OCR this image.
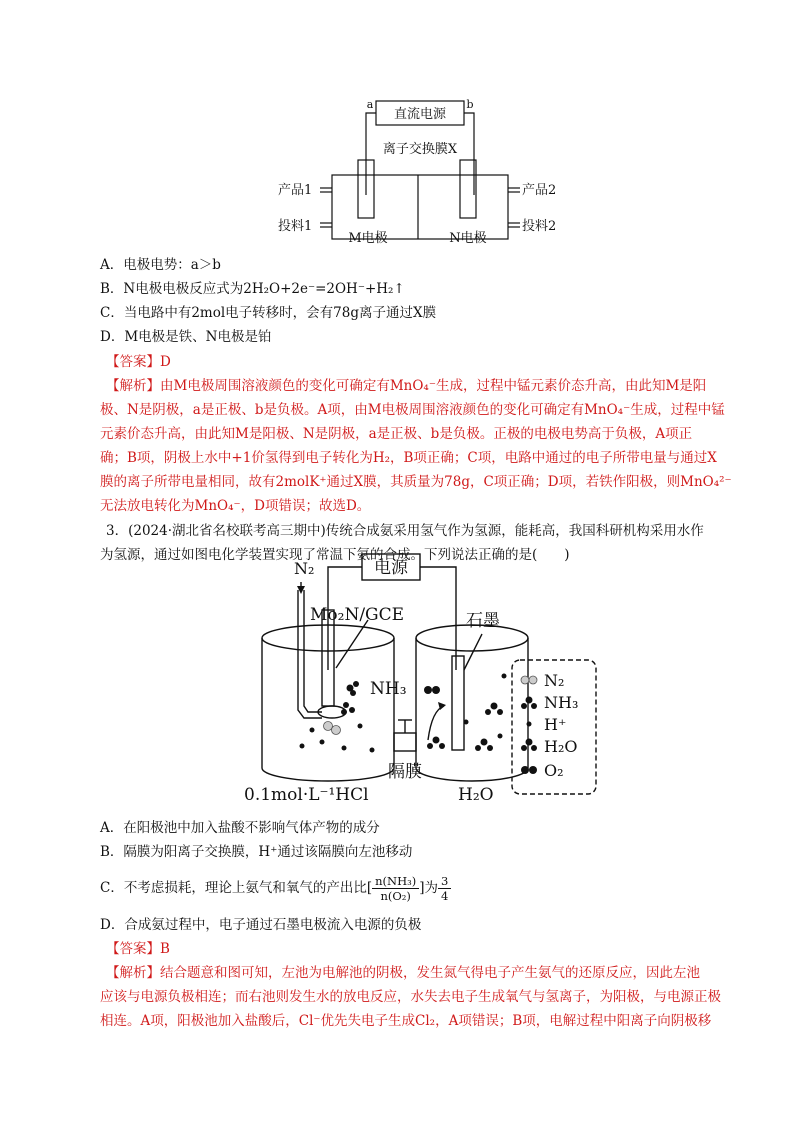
直流电源
a	b
离子交换膜X
产品1
投料1
产品2
投料2
M电极	N电极
A．电极电势：a＞b
B．N电极电极反应式为2H₂O+2e⁻=2OH⁻+H₂↑
C．当电路中有2mol电子转移时，会有78g离子通过X膜
D．M电极是铁、N电极是铂
【答案】D
【解析】由M电极周围溶液颜色的变化可确定有MnO₄⁻生成，过程中锰元素价态升高，由此知M是阳
极、N是阴极，a是正极、b是负极。A项，由M电极周围溶液颜色的变化可确定有MnO₄⁻生成，过程中锰
元素价态升高，由此知M是阳极、N是阴极，a是正极、b是负极。正极的电极电势高于负极，A项正
确；B项，阴极上水中+1价氢得到电子转化为H₂，B项正确；C项，电路中通过的电子所带电量与通过X
膜的离子所带电量相同，故有2molK⁺通过X膜，其质量为78g，C项正确；D项，若铁作阳极，则MnO₄²⁻
无法放电转化为MnO₄⁻，D项错误；故选D。
3．(2024·湖北省名校联考高三期中)传统合成氨采用氢气作为氢源，能耗高，我国科研机构采用水作
为氢源，通过如图电化学装置实现了常温下氨的合成。下列说法正确的是(　　)
N₂	电源
Mo₂N/GCE	石墨
NH₃
隔膜
0.1mol·L⁻¹HCl	H₂O
N₂
NH₃
H⁺
H₂O
O₂
A．在阳极池中加入盐酸不影响气体产物的成分
B．隔膜为阳离子交换膜，H⁺通过该隔膜向左池移动
C．不考虑损耗，理论上氨气和氧气的产出比[ $\frac{\text{n(NH₃)}}{\text{n(O₂)}}$ ]为 $\frac{3}{4}$
D．合成氨过程中，电子通过石墨电极流入电源的负极
【答案】B
【解析】结合题意和图可知，左池为电解池的阴极，发生氮气得电子产生氨气的还原反应，因此左池
应该与电源负极相连；而右池则发生水的放电反应，水失去电子生成氧气与氢离子，为阳极，与电源正极
相连。A项，阳极池加入盐酸后，Cl⁻优先失电子生成Cl₂，A项错误；B项，电解过程中阳离子向阴极移
